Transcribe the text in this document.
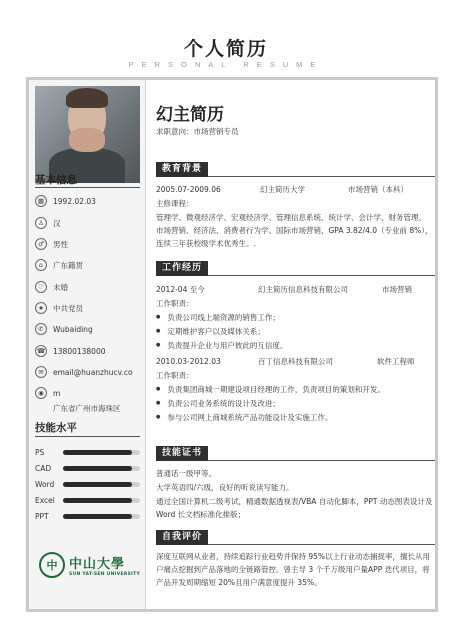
个人简历
PERSONAL RESUME
基本信息
▦	1992.02.03
♙	汉
♂	男性
⌂	广东籍贯
♡	未婚
★	中共党员
✆	Wubaiding
☎ 13800138000
✉	email@huanzhucv.co
◉	m
广东省广州市海珠区
技能水平
PS
CAD
Word
Excel
PPT
中 中山大學
SUN YAT-SEN UNIVERSITY
幻主简历
求职意向：市场营销专员
教育背景
2005.07-2009.06	幻主简历大学	市场营销（本科）
主修课程：
管理学、微观经济学、宏观经济学、管理信息系统、统计学、会计学、财务管理、市场营销、经济法、消费者行为学、国际市场营销，GPA 3.82/4.0（专业前 8%），连续三年获校级学术优秀生。.
工作经历
2012-04 至今	幻主简历信息科技有限公司	市场营销
工作职责：
● 负责公司线上端资源的销售工作；
● 定期维护客户以及媒体关系；
● 负责提升企业与用户彼此的互信度。
2010.03-2012.03	百丁信息科技有限公司	软件工程师
工作职责：
● 负责集团商城一期建设项目经理的工作，负责项目的策划和开发。
● 负责公司业务系统的设计及改进；
● 参与公司网上商城系统产品功能设计及实施工作。
技能证书
普通话一级甲等。
大学英语四/六级，良好的听说读写能力。
通过全国计算机二级考试，精通数据透视表/VBA 自动化脚本，PPT 动态图表设计及 Word 长文档标准化排版；
自我评价
深度互联网从业者，持续追踪行业趋势并保持 95%以上行业动态捕捉率，擅长从用户痛点挖掘到产品落地的全链路管控。曾主导 3 个千万级用户量APP 迭代项目，将产品开发周期缩短 20%且用户满意度提升 35%。
